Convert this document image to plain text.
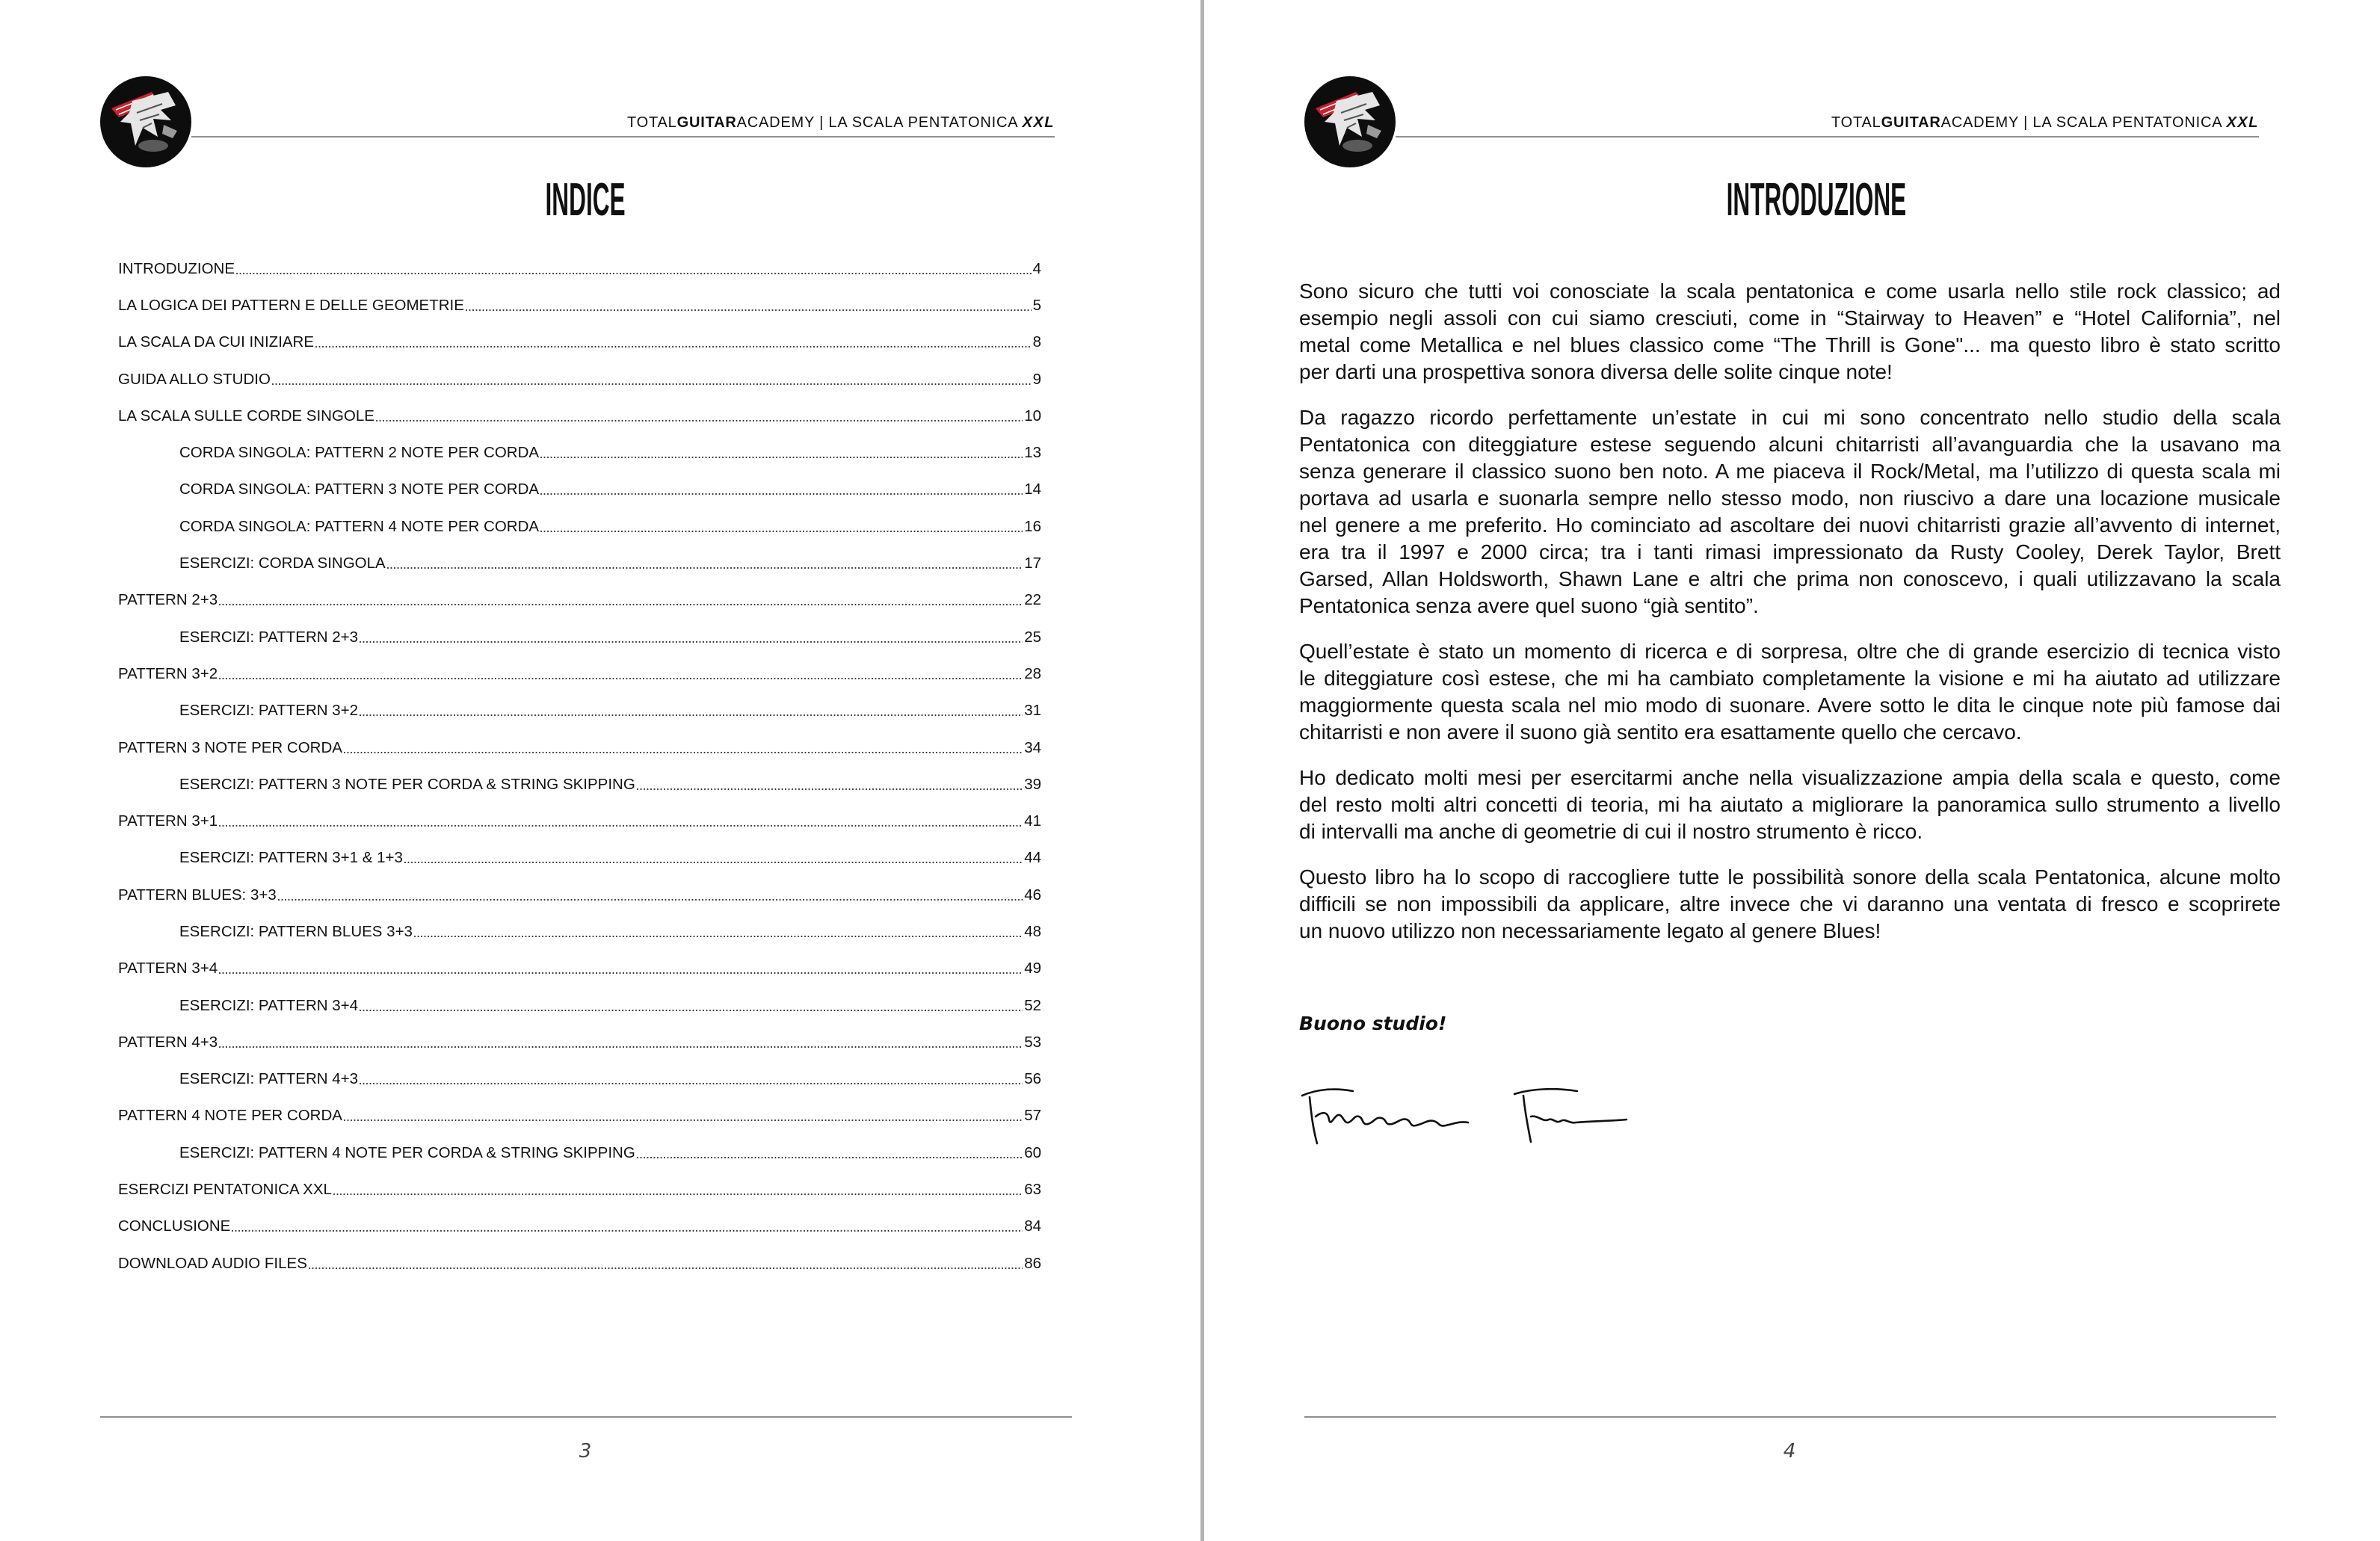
TOTALGUITARACADEMY | LA SCALA PENTATONICA XXL
INDICE
INTRODUZIONE	4
LA LOGICA DEI PATTERN E DELLE GEOMETRIE	5
LA SCALA DA CUI INIZIARE	8
GUIDA ALLO STUDIO	9
LA SCALA SULLE CORDE SINGOLE	10
CORDA SINGOLA: PATTERN 2 NOTE PER CORDA	13
CORDA SINGOLA: PATTERN 3 NOTE PER CORDA	14
CORDA SINGOLA: PATTERN 4 NOTE PER CORDA	16
ESERCIZI: CORDA SINGOLA	17
PATTERN 2+3	22
ESERCIZI: PATTERN 2+3	25
PATTERN 3+2	28
ESERCIZI: PATTERN 3+2	31
PATTERN 3 NOTE PER CORDA	34
ESERCIZI: PATTERN 3 NOTE PER CORDA & STRING SKIPPING	39
PATTERN 3+1	41
ESERCIZI: PATTERN 3+1 & 1+3	44
PATTERN BLUES: 3+3	46
ESERCIZI: PATTERN BLUES 3+3	48
PATTERN 3+4	49
ESERCIZI: PATTERN 3+4	52
PATTERN 4+3	53
ESERCIZI: PATTERN 4+3	56
PATTERN 4 NOTE PER CORDA	57
ESERCIZI: PATTERN 4 NOTE PER CORDA & STRING SKIPPING	60
ESERCIZI PENTATONICA XXL	63
CONCLUSIONE	84
DOWNLOAD AUDIO FILES	86
3
TOTALGUITARACADEMY | LA SCALA PENTATONICA XXL
INTRODUZIONE
Sono sicuro che tutti voi conosciate la scala pentatonica e come usarla nello stile rock classico; ad
esempio negli assoli con cui siamo cresciuti, come in “Stairway to Heaven” e “Hotel California”, nel
metal come Metallica e nel blues classico come “The Thrill is Gone"... ma questo libro è stato scritto
per darti una prospettiva sonora diversa delle solite cinque note!
Da ragazzo ricordo perfettamente un’estate in cui mi sono concentrato nello studio della scala
Pentatonica con diteggiature estese seguendo alcuni chitarristi all’avanguardia che la usavano ma
senza generare il classico suono ben noto. A me piaceva il Rock/Metal, ma l’utilizzo di questa scala mi
portava ad usarla e suonarla sempre nello stesso modo, non riuscivo a dare una locazione musicale
nel genere a me preferito. Ho cominciato ad ascoltare dei nuovi chitarristi grazie all’avvento di internet,
era tra il 1997 e 2000 circa; tra i tanti rimasi impressionato da Rusty Cooley, Derek Taylor, Brett
Garsed, Allan Holdsworth, Shawn Lane e altri che prima non conoscevo, i quali utilizzavano la scala
Pentatonica senza avere quel suono “già sentito”.
Quell’estate è stato un momento di ricerca e di sorpresa, oltre che di grande esercizio di tecnica visto
le diteggiature così estese, che mi ha cambiato completamente la visione e mi ha aiutato ad utilizzare
maggiormente questa scala nel mio modo di suonare. Avere sotto le dita le cinque note più famose dai
chitarristi e non avere il suono già sentito era esattamente quello che cercavo.
Ho dedicato molti mesi per esercitarmi anche nella visualizzazione ampia della scala e questo, come
del resto molti altri concetti di teoria, mi ha aiutato a migliorare la panoramica sullo strumento a livello
di intervalli ma anche di geometrie di cui il nostro strumento è ricco.
Questo libro ha lo scopo di raccogliere tutte le possibilità sonore della scala Pentatonica, alcune molto
difficili se non impossibili da applicare, altre invece che vi daranno una ventata di fresco e scoprirete
un nuovo utilizzo non necessariamente legato al genere Blues!
Buono studio!
4
